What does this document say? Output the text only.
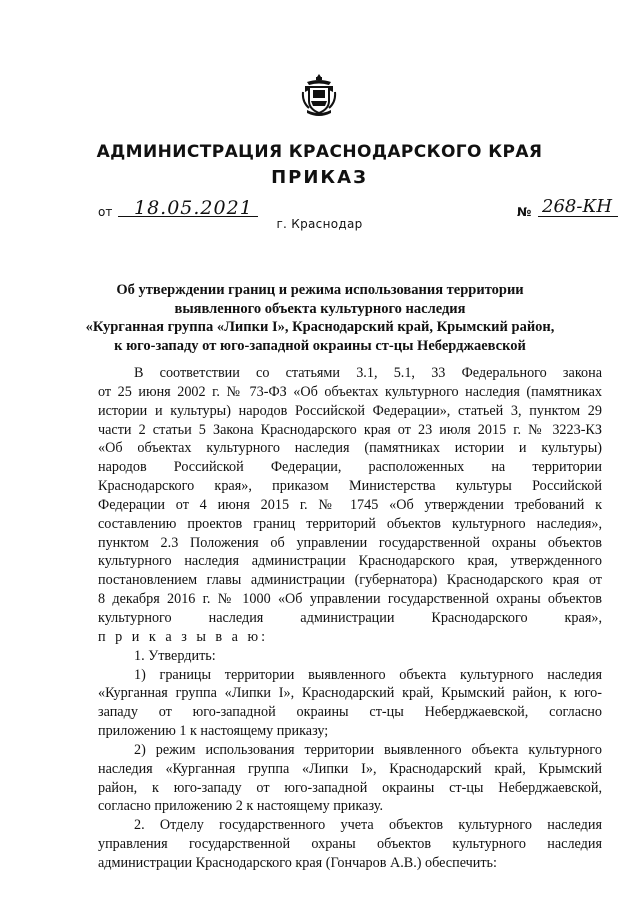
АДМИНИСТРАЦИЯ КРАСНОДАРСКОГО КРАЯ
ПРИКАЗ
от 18.05.2021	№ 268-КН
г. Краснодар
Об утверждении границ и режима использования территории
выявленного объекта культурного наследия
«Курганная группа «Липки I», Краснодарский край, Крымский район,
к юго-западу от юго-западной окраины ст-цы Неберджаевской

В соответствии со статьями 3.1, 5.1, 33 Федерального закона

от 25 июня 2002 г. № 73-ФЗ «Об объектах культурного наследия (памятниках

истории и культуры) народов Российской Федерации», статьей 3, пунктом 29

части 2 статьи 5 Закона Краснодарского края от 23 июля 2015 г. № 3223-КЗ

«Об объектах культурного наследия (памятниках истории и культуры)

народов Российской Федерации, расположенных на территории

Краснодарского края», приказом Министерства культуры Российской

Федерации от 4 июня 2015 г. № 1745 «Об утверждении требований к

составлению проектов границ территорий объектов культурного наследия»,

пунктом 2.3 Положения об управлении государственной охраны объектов

культурного наследия администрации Краснодарского края, утвержденного

постановлением главы администрации (губернатора) Краснодарского края от

8 декабря 2016 г. № 1000 «Об управлении государственной охраны объектов

культурного наследия администрации Краснодарского края»,

п р и к а з ы в а ю:

1. Утвердить:

1) границы территории выявленного объекта культурного наследия

«Курганная группа «Липки I», Краснодарский край, Крымский район, к юго-

западу от юго-западной окраины ст-цы Неберджаевской, согласно

приложению 1 к настоящему приказу;

2) режим использования территории выявленного объекта культурного

наследия «Курганная группа «Липки I», Краснодарский край, Крымский

район, к юго-западу от юго-западной окраины ст-цы Неберджаевской,

согласно приложению 2 к настоящему приказу.

2. Отделу государственного учета объектов культурного наследия

управления государственной охраны объектов культурного наследия

администрации Краснодарского края (Гончаров А.В.) обеспечить:
